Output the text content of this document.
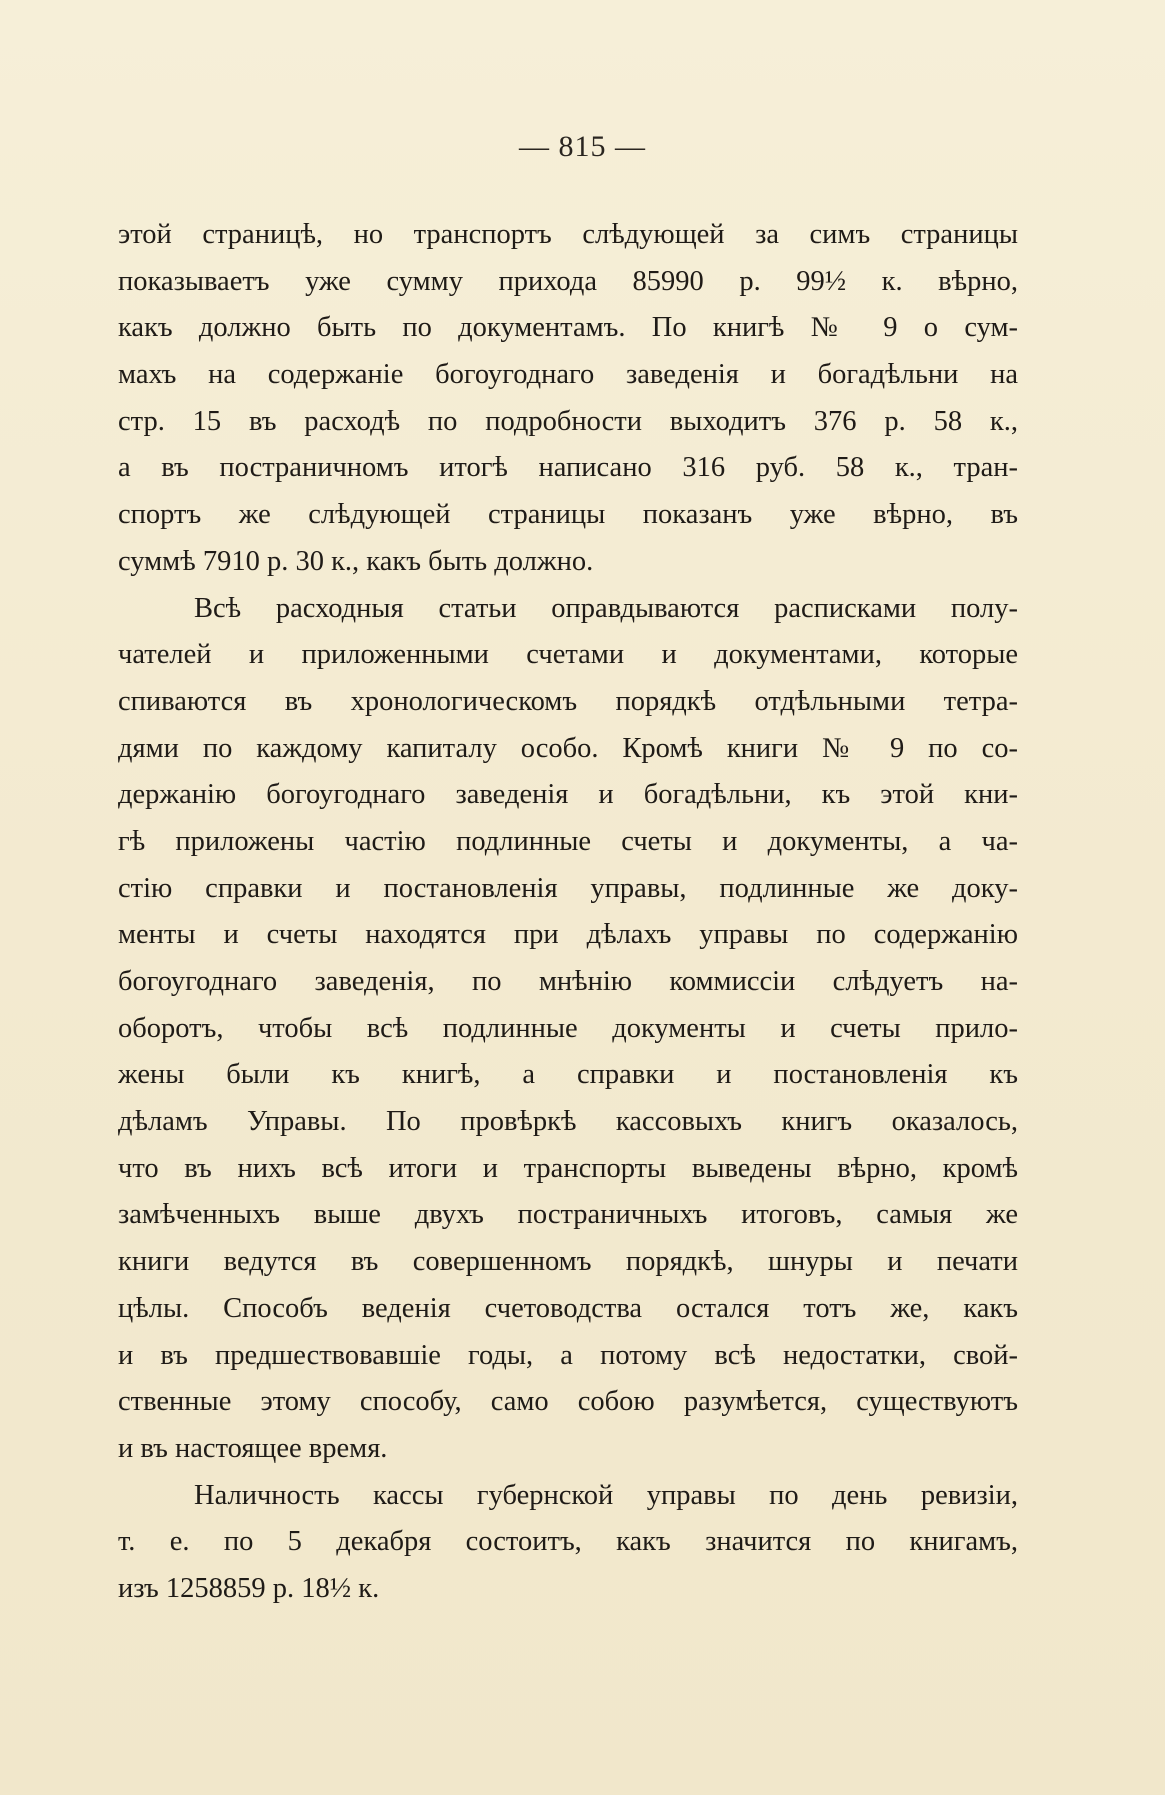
— 815 —
этой страницѣ, но транспортъ слѣдующей за симъ страницы
показываетъ уже сумму прихода 85990 р. 99½ к. вѣрно,
какъ должно быть по документамъ. По книгѣ № 9 о сум-
махъ на содержаніе богоугоднаго заведенія и богадѣльни на
стр. 15 въ расходѣ по подробности выходитъ 376 р. 58 к.,
а въ постраничномъ итогѣ написано 316 руб. 58 к., тран-
спортъ же слѣдующей страницы показанъ уже вѣрно, въ
суммѣ 7910 р. 30 к., какъ быть должно.
Всѣ расходныя статьи оправдываются расписками полу-
чателей и приложенными счетами и документами, которые
спиваются въ хронологическомъ порядкѣ отдѣльными тетра-
дями по каждому капиталу особо. Кромѣ книги № 9 по со-
держанію богоугоднаго заведенія и богадѣльни, къ этой кни-
гѣ приложены частію подлинные счеты и документы, а ча-
стію справки и постановленія управы, подлинные же доку-
менты и счеты находятся при дѣлахъ управы по содержанію
богоугоднаго заведенія, по мнѣнію коммиссіи слѣдуетъ на-
оборотъ, чтобы всѣ подлинные документы и счеты прило-
жены были къ книгѣ, а справки и постановленія къ
дѣламъ Управы. По провѣркѣ кассовыхъ книгъ оказалось,
что въ нихъ всѣ итоги и транспорты выведены вѣрно, кромѣ
замѣченныхъ выше двухъ постраничныхъ итоговъ, самыя же
книги ведутся въ совершенномъ порядкѣ, шнуры и печати
цѣлы. Способъ веденія счетоводства остался тотъ же, какъ
и въ предшествовавшіе годы, а потому всѣ недостатки, свой-
ственные этому способу, само собою разумѣется, существуютъ
и въ настоящее время.
Наличность кассы губернской управы по день ревизіи,
т. е. по 5 декабря состоитъ, какъ значится по книгамъ,
изъ 1258859 р. 18½ к.
